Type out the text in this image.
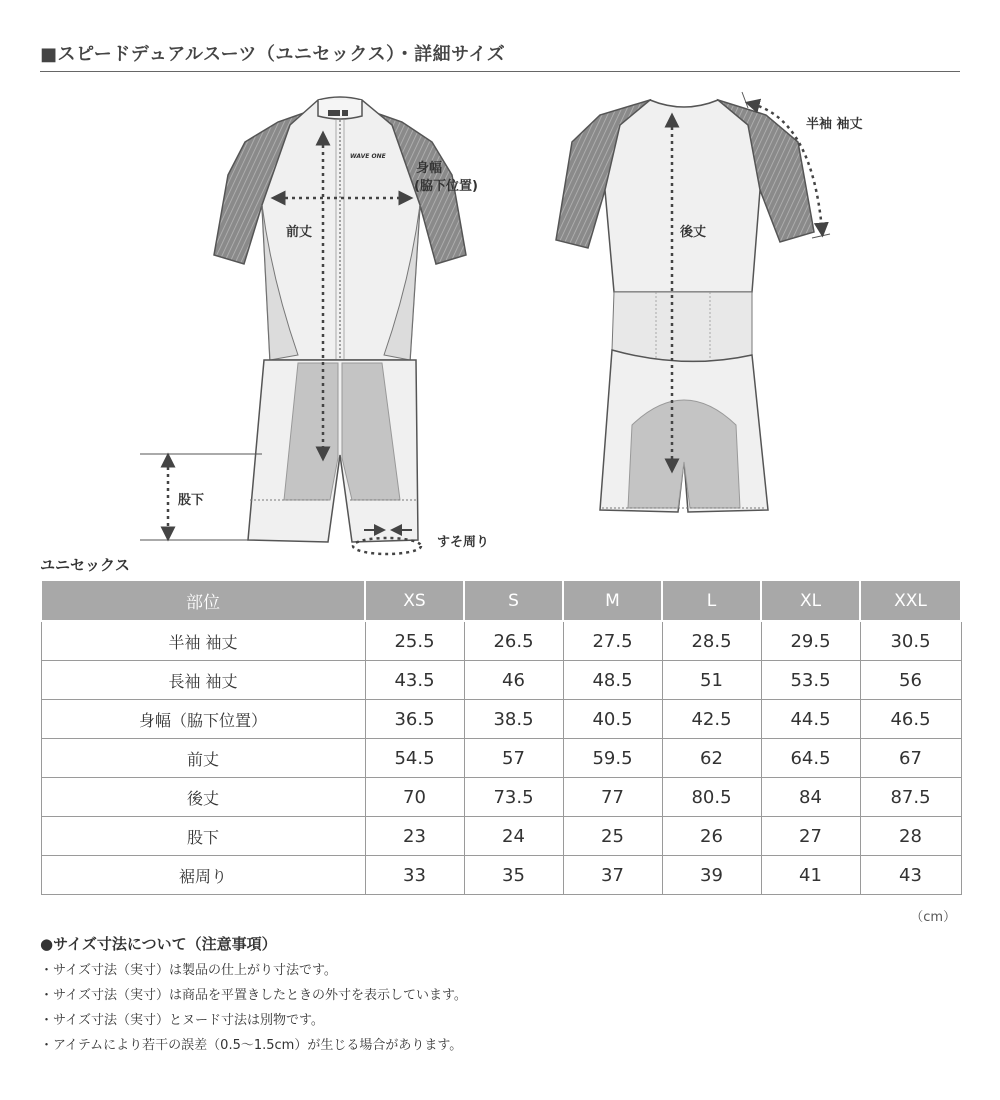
■スピードデュアルスーツ（ユニセックス）・詳細サイズ
WAVE ONE
身幅
(脇下位置)
前丈
股下
すそ周り
半袖 袖丈
後丈
ユニセックス
部位	XS	S	M	L	XL	XXL
半袖 袖丈	25.5	26.5	27.5	28.5	29.5	30.5
長袖 袖丈	43.5	46	48.5	51	53.5	56
身幅（脇下位置）	36.5	38.5	40.5	42.5	44.5	46.5
前丈	54.5	57	59.5	62	64.5	67
後丈	70	73.5	77	80.5	84	87.5
股下	23	24	25	26	27	28
裾周り	33	35	37	39	41	43
（cm）
●サイズ寸法について（注意事項）
・サイズ寸法（実寸）は製品の仕上がり寸法です。
・サイズ寸法（実寸）は商品を平置きしたときの外寸を表示しています。
・サイズ寸法（実寸）とヌード寸法は別物です。
・アイテムにより若干の誤差（0.5〜1.5cm）が生じる場合があります。
